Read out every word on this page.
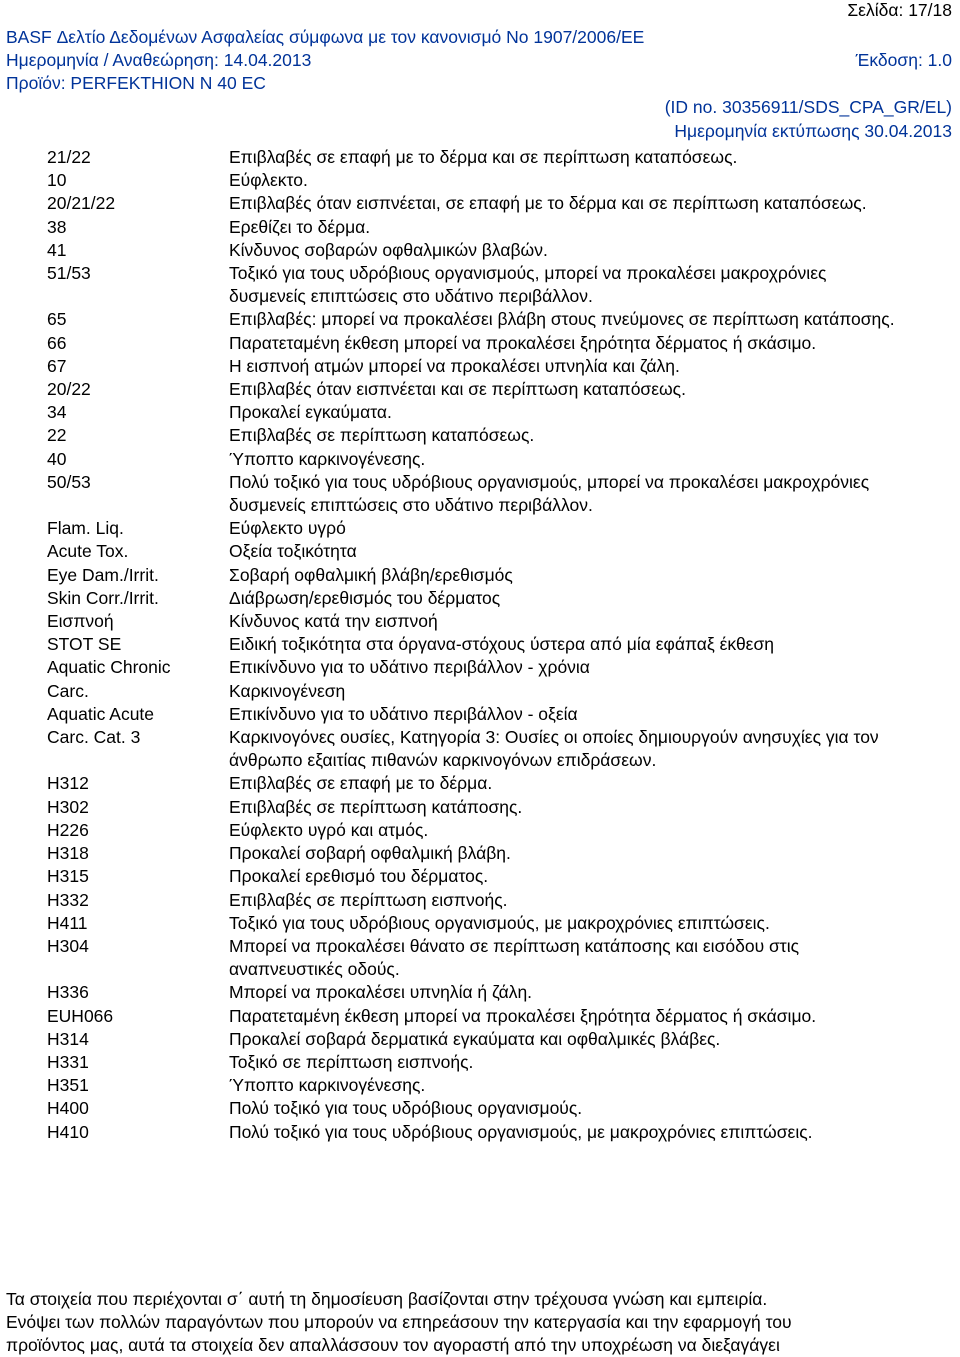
Σελίδα: 17/18
BASF Δελτίο Δεδομένων Ασφαλείας σύμφωνα με τον κανονισμό No 1907/2006/ΕΕ
Ημερομηνία / Αναθεώρηση: 14.04.2013	Έκδοση: 1.0
Προϊόν: PERFEKTHION N 40 EC
(ID no. 30356911/SDS_CPA_GR/EL)
Ημερομηνία εκτύπωσης 30.04.2013
21/22	Επιβλαβές σε επαφή με το δέρμα και σε περίπτωση καταπόσεως.
10	Εύφλεκτο.
20/21/22	Επιβλαβές όταν εισπνέεται, σε επαφή με το δέρμα και σε περίπτωση καταπόσεως.
38	Ερεθίζει το δέρμα.
41	Κίνδυνος σοβαρών οφθαλμικών βλαβών.
51/53	Τοξικό για τους υδρόβιους οργανισμούς, μπορεί να προκαλέσει μακροχρόνιες δυσμενείς επιπτώσεις στο υδάτινο περιβάλλον.
65	Επιβλαβές: μπορεί να προκαλέσει βλάβη στους πνεύμονες σε περίπτωση κατάποσης.
66	Παρατεταμένη έκθεση μπορεί να προκαλέσει ξηρότητα δέρματος ή σκάσιμο.
67	Η εισπνοή ατμών μπορεί να προκαλέσει υπνηλία και ζάλη.
20/22	Επιβλαβές όταν εισπνέεται και σε περίπτωση καταπόσεως.
34	Προκαλεί εγκαύματα.
22	Επιβλαβές σε περίπτωση καταπόσεως.
40	Ύποπτο καρκινογένεσης.
50/53	Πολύ τοξικό για τους υδρόβιους οργανισμούς, μπορεί να προκαλέσει μακροχρόνιες δυσμενείς επιπτώσεις στο υδάτινο περιβάλλον.
Flam. Liq.	Εύφλεκτο υγρό
Acute Tox.	Οξεία τοξικότητα
Eye Dam./Irrit.	Σοβαρή οφθαλμική βλάβη/ερεθισμός
Skin Corr./Irrit.	Διάβρωση/ερεθισμός του δέρματος
Εισπνοή	Κίνδυνος κατά την εισπνοή
STOT SE	Ειδική τοξικότητα στα όργανα-στόχους ύστερα από μία εφάπαξ έκθεση
Aquatic Chronic	Επικίνδυνο για το υδάτινο περιβάλλον - χρόνια
Carc.	Καρκινογένεση
Aquatic Acute	Επικίνδυνο για το υδάτινο περιβάλλον - οξεία
Carc. Cat. 3	Καρκινογόνες ουσίες, Κατηγορία 3: Ουσίες οι οποίες δημιουργούν ανησυχίες για τον άνθρωπο εξαιτίας πιθανών καρκινογόνων επιδράσεων.
H312	Επιβλαβές σε επαφή με το δέρμα.
H302	Επιβλαβές σε περίπτωση κατάποσης.
H226	Εύφλεκτο υγρό και ατμός.
H318	Προκαλεί σοβαρή οφθαλμική βλάβη.
H315	Προκαλεί ερεθισμό του δέρματος.
H332	Επιβλαβές σε περίπτωση εισπνοής.
H411	Τοξικό για τους υδρόβιους οργανισμούς, με μακροχρόνιες επιπτώσεις.
H304	Μπορεί να προκαλέσει θάνατο σε περίπτωση κατάποσης και εισόδου στις αναπνευστικές οδούς.
H336	Μπορεί να προκαλέσει υπνηλία ή ζάλη.
EUH066	Παρατεταμένη έκθεση μπορεί να προκαλέσει ξηρότητα δέρματος ή σκάσιμο.
H314	Προκαλεί σοβαρά δερματικά εγκαύματα και οφθαλμικές βλάβες.
H331	Τοξικό σε περίπτωση εισπνοής.
H351	Ύποπτο καρκινογένεσης.
H400	Πολύ τοξικό για τους υδρόβιους οργανισμούς.
H410	Πολύ τοξικό για τους υδρόβιους οργανισμούς, με μακροχρόνιες επιπτώσεις.
Τα στοιχεία που περιέχονται σ΄ αυτή τη δημοσίευση βασίζονται στην τρέχουσα γνώση και εμπειρία.
Ενόψει των πολλών παραγόντων που μπορούν να επηρεάσουν την κατεργασία και την εφαρμογή του
προϊόντος μας, αυτά τα στοιχεία δεν απαλλάσσουν τον αγοραστή από την υποχρέωση να διεξαγάγει
